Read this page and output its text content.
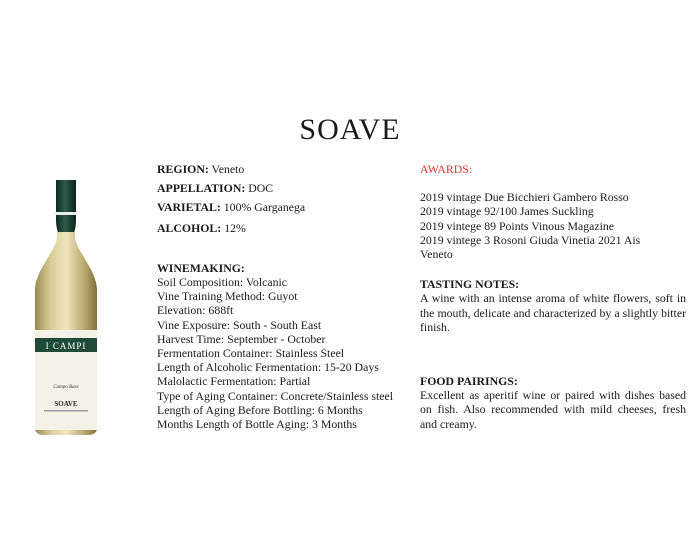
SOAVE
I CAMPI
Campo Base
SOAVE
REGION: Veneto
APPELLATION: DOC
VARIETAL: 100% Garganega
ALCOHOL: 12%
WINEMAKING:
Soil Composition: Volcanic
Vine Training Method: Guyot
Elevation: 688ft
Vine Exposure: South - South East
Harvest Time: September - October
Fermentation Container: Stainless Steel
Length of Alcoholic Fermentation: 15-20 Days
Malolactic Fermentation: Partial
Type of Aging Container: Concrete/Stainless steel
Length of Aging Before Bottling: 6 Months
Months Length of Bottle Aging: 3 Months
AWARDS:
2019 vintage Due Bicchieri Gambero Rosso
2019 vintage 92/100 James Suckling
2019 vintege 89 Points Vinous Magazine
2019 vintege 3 Rosoni Giuda Vinetia 2021 Ais
Veneto
TASTING NOTES:
A wine with an intense aroma of white flowers, soft in the mouth, delicate and characterized by a slightly bitter finish.
FOOD PAIRINGS:
Excellent as aperitif wine or paired with dishes based on fish. Also recommended with mild cheeses, fresh and creamy.
